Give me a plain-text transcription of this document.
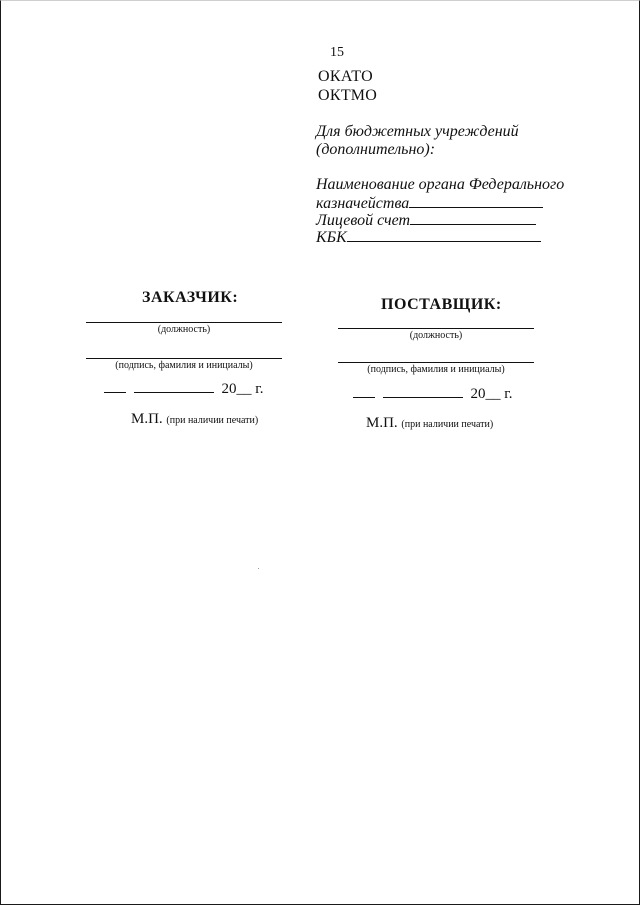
15
ОКАТО
ОКТМО
Для бюджетных учреждений
(дополнительно):
Наименование органа Федерального
казначейства
Лицевой счет
КБК
ЗАКАЗЧИК:
(должность)
(подпись, фамилия и инициалы)
20__ г.
М.П. (при наличии печати)
ПОСТАВЩИК:
(должность)
(подпись, фамилия и инициалы)
20__ г.
М.П. (при наличии печати)
